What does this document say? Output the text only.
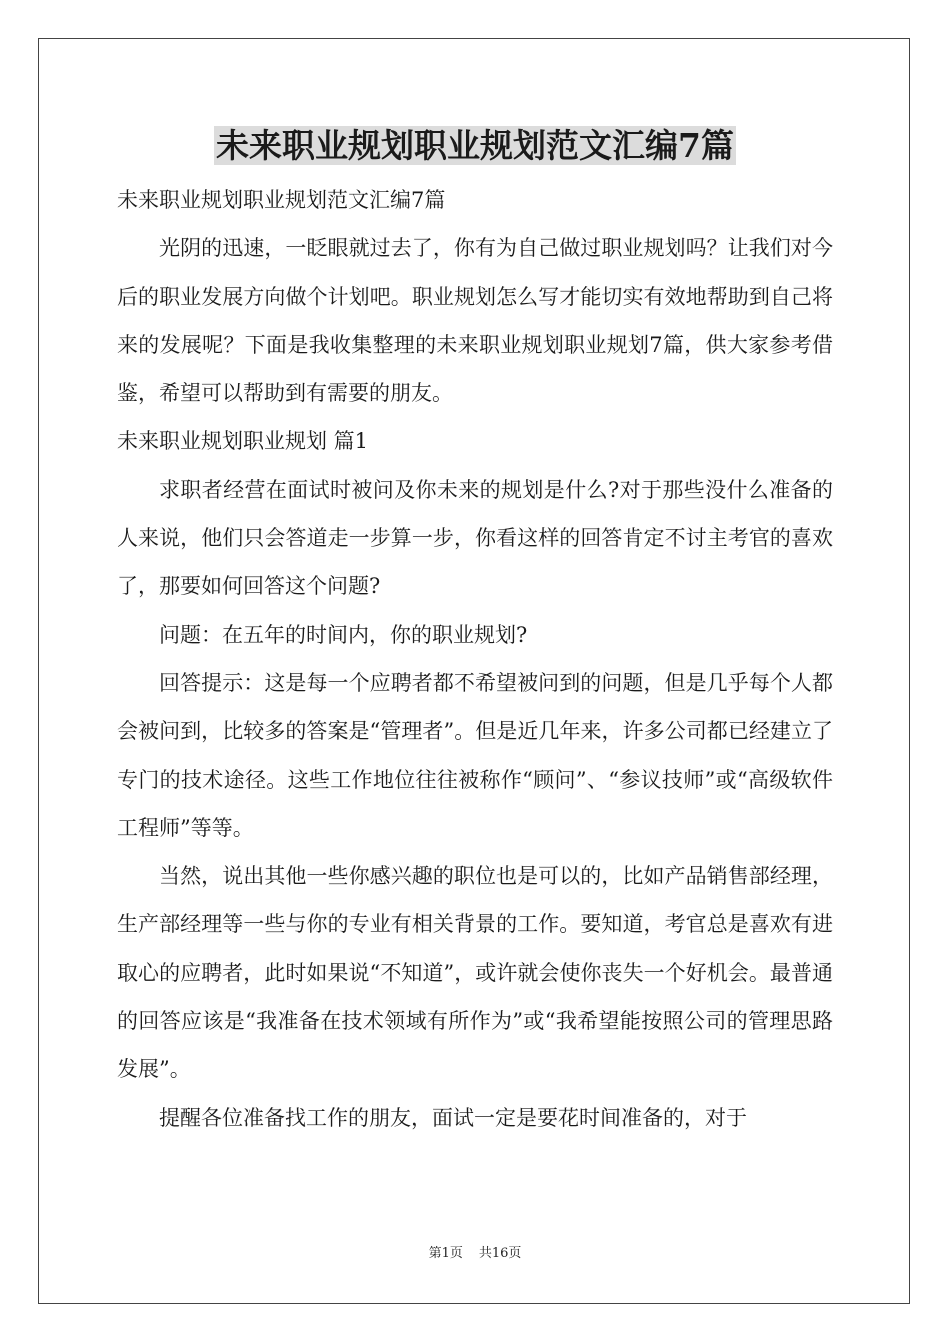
未来职业规划职业规划范文汇编7篇

未来职业规划职业规划范文汇编7篇

光阴的迅速，一眨眼就过去了，你有为自己做过职业规划吗？让我们对今后的职业发展方向做个计划吧。职业规划怎么写才能切实有效地帮助到自己将来的发展呢？下面是我收集整理的未来职业规划职业规划7篇，供大家参考借鉴，希望可以帮助到有需要的朋友。

未来职业规划职业规划 篇1

求职者经营在面试时被问及你未来的规划是什么?对于那些没什么准备的人来说，他们只会答道走一步算一步，你看这样的回答肯定不讨主考官的喜欢了，那要如何回答这个问题?

问题：在五年的时间内，你的职业规划?

回答提示：这是每一个应聘者都不希望被问到的问题，但是几乎每个人都会被问到，比较多的答案是“管理者”。但是近几年来，许多公司都已经建立了专门的技术途径。这些工作地位往往被称作“顾问”、“参议技师”或“高级软件工程师”等等。

当然，说出其他一些你感兴趣的职位也是可以的，比如产品销售部经理，生产部经理等一些与你的专业有相关背景的工作。要知道，考官总是喜欢有进取心的应聘者，此时如果说“不知道”，或许就会使你丧失一个好机会。最普通的回答应该是“我准备在技术领域有所作为”或“我希望能按照公司的管理思路发展”。

提醒各位准备找工作的朋友，面试一定是要花时间准备的，对于

第1页 共16页
